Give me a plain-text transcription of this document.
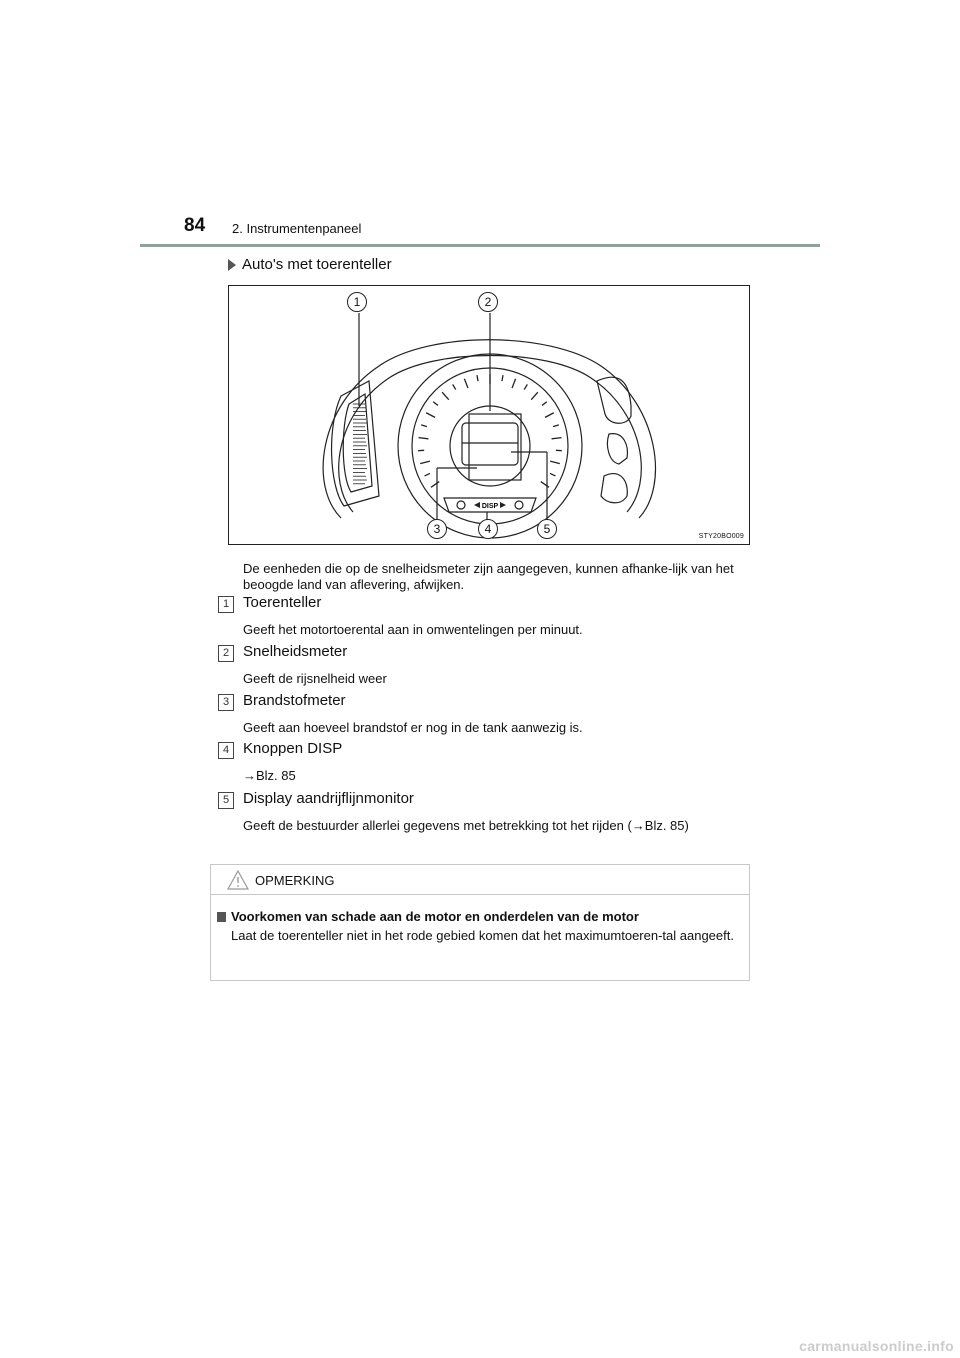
84 2. Instrumentenpaneel
Auto's met toerenteller
DISP
1	2
3	4	5
STY20BO009
De eenheden die op de snelheidsmeter zijn aangegeven, kunnen afhanke-lijk van het beoogde land van aflevering, afwijken.
1 Toerenteller
Geeft het motortoerental aan in omwentelingen per minuut.
2 Snelheidsmeter
Geeft de rijsnelheid weer
3 Brandstofmeter
Geeft aan hoeveel brandstof er nog in de tank aanwezig is.
4 Knoppen DISP
→Blz. 85
5 Display aandrijflijnmonitor
Geeft de bestuurder allerlei gegevens met betrekking tot het rijden (→Blz. 85)
OPMERKING
Voorkomen van schade aan de motor en onderdelen van de motor
Laat de toerenteller niet in het rode gebied komen dat het maximumtoeren-tal aangeeft.
carmanualsonline.info
